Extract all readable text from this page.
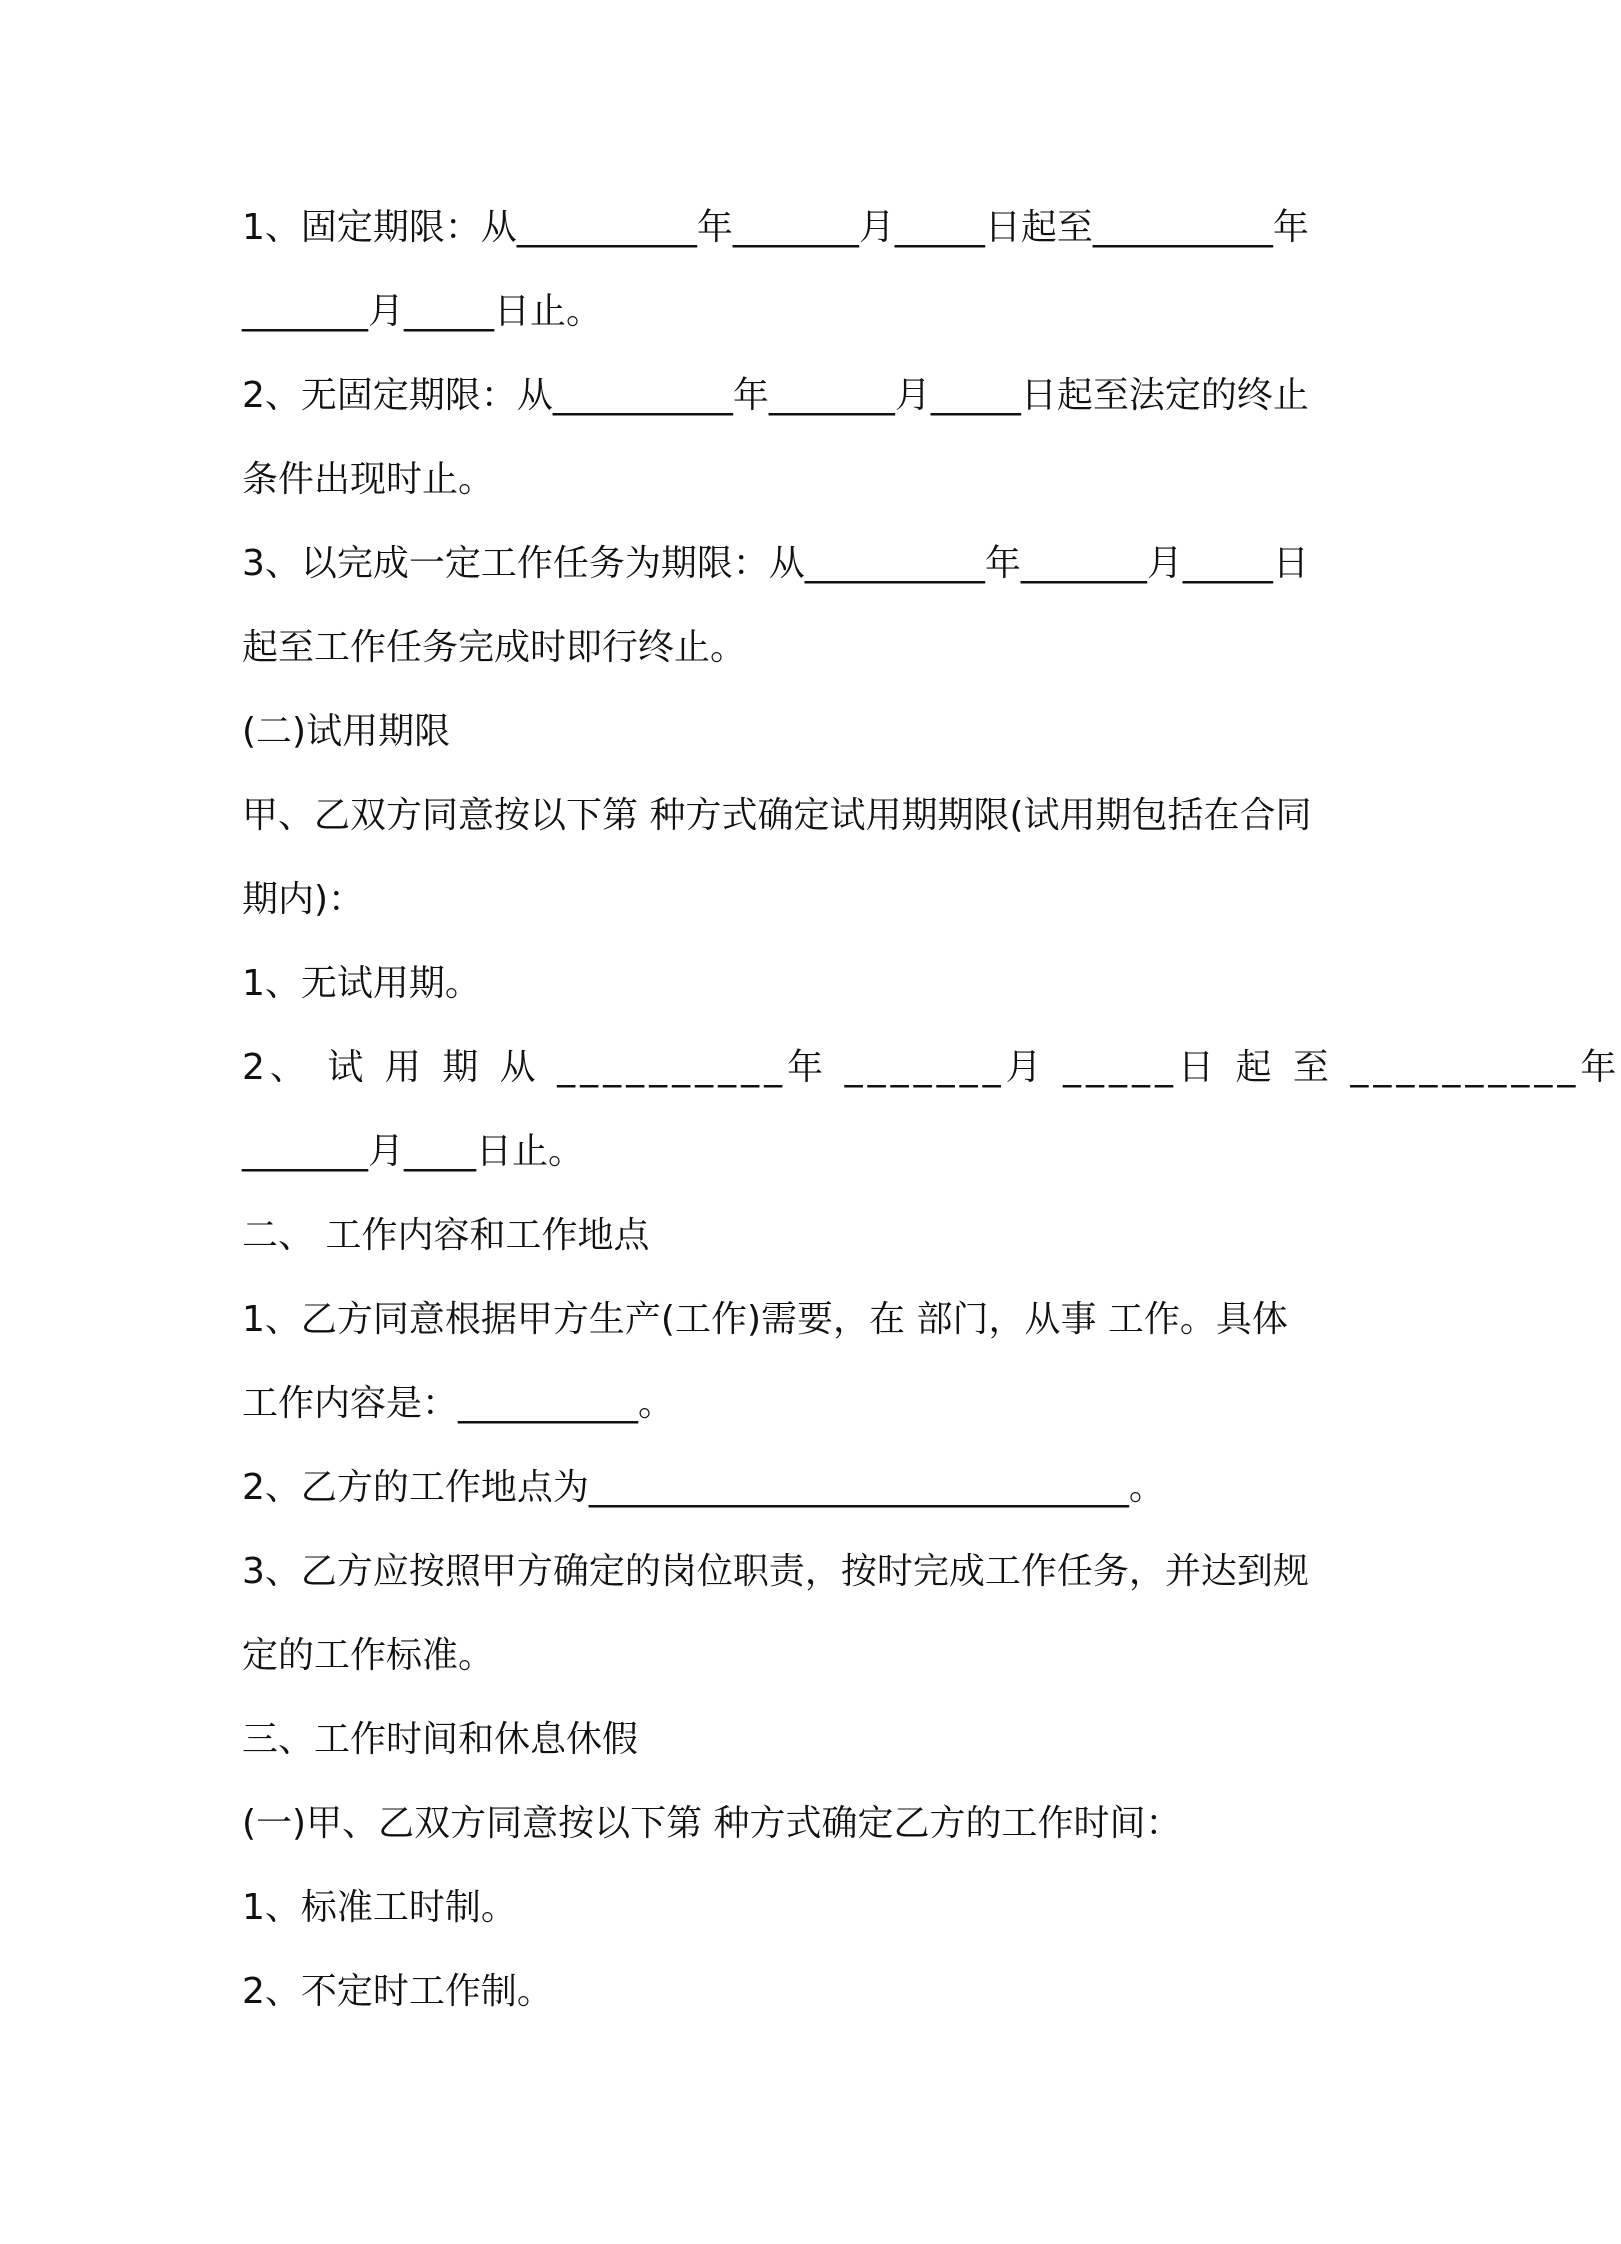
1、固定期限：从__________年_______月_____日起至__________年

_______月_____日止。

2、无固定期限：从__________年_______月_____日起至法定的终止

条件出现时止。

3、以完成一定工作任务为期限：从__________年_______月_____日

起至工作任务完成时即行终止。

(二)试用期限

甲、乙双方同意按以下第 种方式确定试用期期限(试用期包括在合同

期内)：

1、无试用期。

2、 试 用 期 从 __________年 _______月 _____日 起 至 __________年

_______月____日止。

二、 工作内容和工作地点

1、乙方同意根据甲方生产(工作)需要，在 部门，从事 工作。具体

工作内容是：__________。

2、乙方的工作地点为______________________________。

3、乙方应按照甲方确定的岗位职责，按时完成工作任务，并达到规

定的工作标准。

三、工作时间和休息休假

(一)甲、乙双方同意按以下第 种方式确定乙方的工作时间：

1、标准工时制。

2、不定时工作制。
